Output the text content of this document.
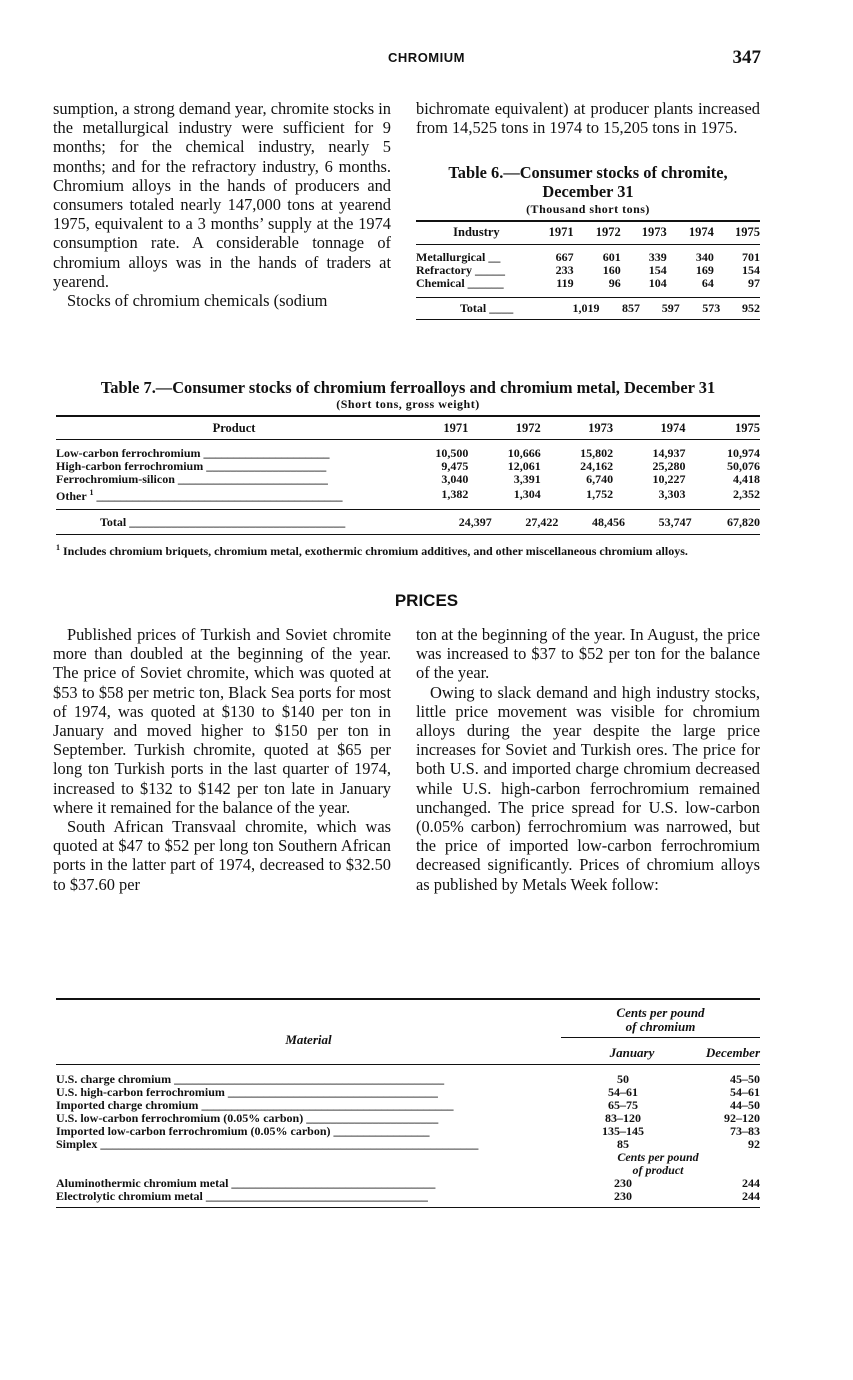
CHROMIUM	347

sumption, a strong demand year, chromite stocks in the metallurgical industry were sufficient for 9 months; for the chemical industry, nearly 5 months; and for the refractory industry, 6 months. Chromium alloys in the hands of producers and consumers totaled nearly 147,000 tons at yearend 1975, equivalent to a 3 months’ supply at the 1974 consumption rate. A considerable tonnage of chromium alloys was in the hands of traders at yearend.

Stocks of chromium chemicals (sodium

bichromate equivalent) at producer plants increased from 14,525 tons in 1974 to 15,205 tons in 1975.

Table 6.—Consumer stocks of chromite,
December 31
(Thousand short tons)
Industry	1971	1972	1973	1974	1975
Metallurgical __	667	601	339	340	701
Refractory _____	233	160	154	169	154
Chemical ______	119	96	104	64	97
Total ____	1,019	857	597	573	952
Table 7.—Consumer stocks of chromium ferroalloys and chromium metal, December 31
(Short tons, gross weight)
Product	1971	1972	1973	1974	1975
Low-carbon ferrochromium _____________________	10,500	10,666	15,802	14,937	10,974
High-carbon ferrochromium ____________________	9,475	12,061	24,162	25,280	50,076
Ferrochromium-silicon _________________________	3,040	3,391	6,740	10,227	4,418
Other $^1$ _________________________________________	1,382	1,304	1,752	3,303	2,352
Total ____________________________________	24,397	27,422	48,456	53,747	67,820
$^1$ Includes chromium briquets, chromium metal, exothermic chromium additives, and other miscellaneous chromium alloys.
PRICES

Published prices of Turkish and Soviet chromite more than doubled at the beginning of the year. The price of Soviet chromite, which was quoted at $53 to $58 per metric ton, Black Sea ports for most of 1974, was quoted at $130 to $140 per ton in January and moved higher to $150 per ton in September. Turkish chromite, quoted at $65 per long ton Turkish ports in the last quarter of 1974, increased to $132 to $142 per ton late in January where it remained for the balance of the year.

South African Transvaal chromite, which was quoted at $47 to $52 per long ton Southern African ports in the latter part of 1974, decreased to $32.50 to $37.60 per

ton at the beginning of the year. In August, the price was increased to $37 to $52 per ton for the balance of the year.

Owing to slack demand and high industry stocks, little price movement was visible for chromium alloys during the year despite the large price increases for Soviet and Turkish ores. The price for both U.S. and imported charge chromium decreased while U.S. high-carbon ferrochromium remained unchanged. The price spread for U.S. low-carbon (0.05% carbon) ferrochromium was narrowed, but the price of imported low-carbon ferrochromium decreased significantly. Prices of chromium alloys as published by Metals Week follow:

Material
Cents per pound
of chromium
January	December
U.S. charge chromium _____________________________________________	50	45–50
U.S. high-carbon ferrochromium ___________________________________	54–61	54–61
Imported charge chromium __________________________________________	65–75	44–50
U.S. low-carbon ferrochromium (0.05% carbon) ______________________	83–120	92–120
Imported low-carbon ferrochromium (0.05% carbon) ________________	135–145	73–83
Simplex _______________________________________________________________	85	92

	Cents per pound
of product	

Aluminothermic chromium metal __________________________________	230	244
Electrolytic chromium metal _____________________________________	230	244
